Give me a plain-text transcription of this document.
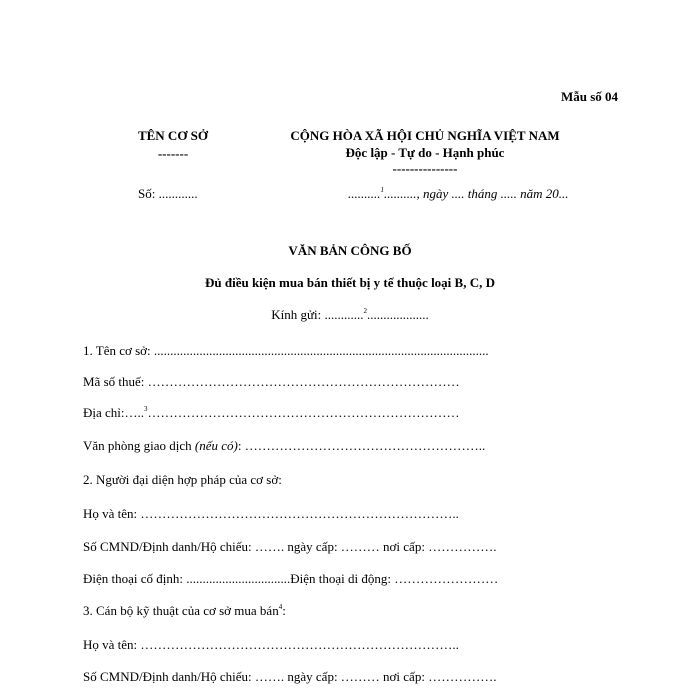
Mẫu số 04
TÊN CƠ SỞ
-------
CỘNG HÒA XÃ HỘI CHỦ NGHĨA VIỆT NAM
Độc lập - Tự do - Hạnh phúc
---------------
Số: ............	..........$^1$.........., ngày .... tháng ..... năm 20...
VĂN BẢN CÔNG BỐ
Đủ điều kiện mua bán thiết bị y tế thuộc loại B, C, D
Kính gửi: ............$^2$...................
1. Tên cơ sở: .......................................................................................................
Mã số thuế: ………………………………………………………………
Địa chỉ:…..$^3$………………………………………………………………
Văn phòng giao dịch (nếu có): ………………………………………………..
2. Người đại diện hợp pháp của cơ sở:
Họ và tên: ………………………………………………………………..
Số CMND/Định danh/Hộ chiếu: ……. ngày cấp: ……… nơi cấp: …………….
Điện thoại cố định: ................................Điện thoại di động: ……………………
3. Cán bộ kỹ thuật của cơ sở mua bán$^4$:
Họ và tên: ………………………………………………………………..
Số CMND/Định danh/Hộ chiếu: ……. ngày cấp: ……… nơi cấp: …………….
